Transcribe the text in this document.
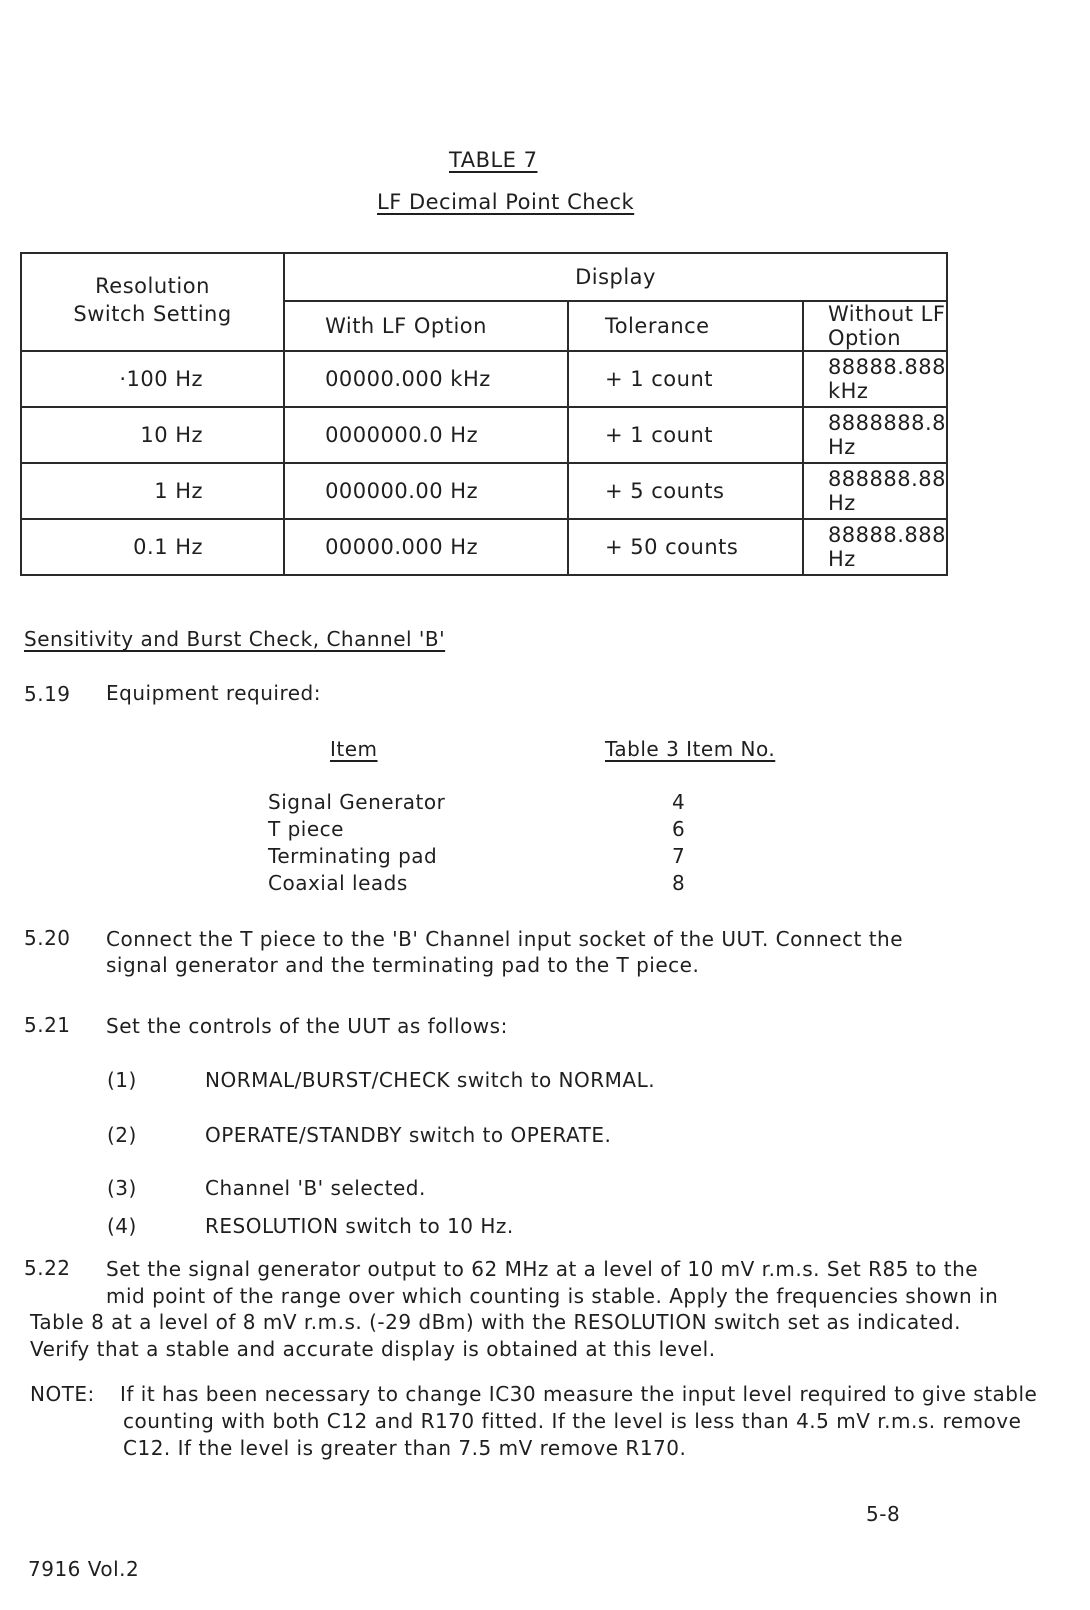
TABLE 7
LF Decimal Point Check
Resolution
Switch Setting	Display		
	With LF Option	Tolerance	Without LF Option
·100 Hz	00000.000 kHz	+ 1 count	88888.888 kHz
10 Hz	0000000.0 Hz	+ 1 count	8888888.8 Hz
1 Hz	000000.00 Hz	+ 5 counts	888888.88 Hz
0.1 Hz	00000.000 Hz	+ 50 counts	88888.888 Hz
Sensitivity and Burst Check, Channel 'B'
5.19 Equipment required:
Item	Table 3 Item No.
Signal Generator	4
T piece	6
Terminating pad	7
Coaxial leads	8
5.20 Connect the T piece to the 'B' Channel input socket of the UUT. Connect the
signal generator and the terminating pad to the T piece.
5.21 Set the controls of the UUT as follows:
(1)	NORMAL/BURST/CHECK switch to NORMAL.
(2)	OPERATE/STANDBY switch to OPERATE.
(3)	Channel 'B' selected.
(4)	RESOLUTION switch to 10 Hz.
5.22 Set the signal generator output to 62 MHz at a level of 10 mV r.m.s. Set R85 to the
mid point of the range over which counting is stable. Apply the frequencies shown in
Table 8 at a level of 8 mV r.m.s. (-29 dBm) with the RESOLUTION switch set as indicated.
Verify that a stable and accurate display is obtained at this level.
NOTE: If it has been necessary to change IC30 measure the input level required to give stable
counting with both C12 and R170 fitted. If the level is less than 4.5 mV r.m.s. remove
C12. If the level is greater than 7.5 mV remove R170.
5-8
7916 Vol.2
